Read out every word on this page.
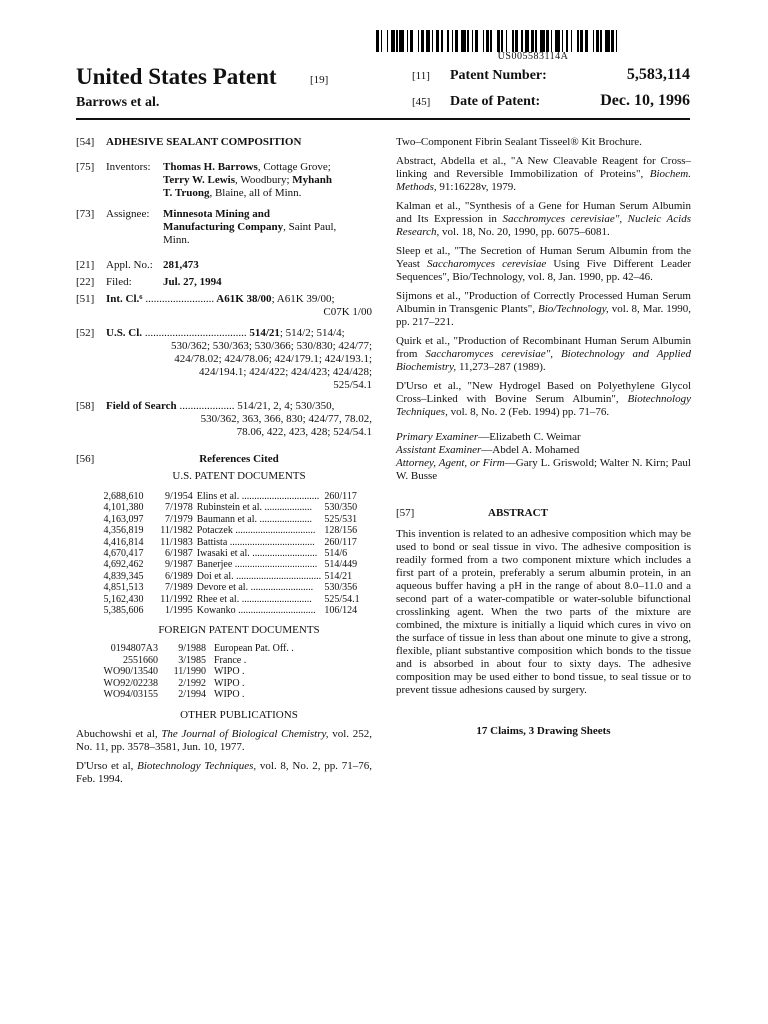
US005583114A
United States Patent	[19]
Barrows et al.
[11] Patent Number:	5,583,114
[45] Date of Patent:	Dec. 10, 1996
[54]	ADHESIVE SEALANT COMPOSITION
[75]	Inventors:	Thomas H. Barrows, Cottage Grove;
Terry W. Lewis, Woodbury; Myhanh
T. Truong, Blaine, all of Minn.
[73]	Assignee:	Minnesota Mining and
Manufacturing Company, Saint Paul,
Minn.
[21]	Appl. No.: 281,473
[22]	Filed:	Jul. 27, 1994
[51]	Int. Cl.⁶ ......................... A61K 38/00; A61K 39/00;
C07K 1/00
[52]	U.S. Cl. ..................................... 514/21; 514/2; 514/4;
530/362; 530/363; 530/366; 530/830; 424/77;
424/78.02; 424/78.06; 424/179.1; 424/193.1;
424/194.1; 424/422; 424/423; 424/428;
525/54.1
[58]	Field of Search .................... 514/21, 2, 4; 530/350,
530/362, 363, 366, 830; 424/77, 78.02,
78.06, 422, 423, 428; 524/54.1
[56]	References Cited
U.S. PATENT DOCUMENTS
2,688,610	9/1954	Elins et al. ...............................	260/117
4,101,380	7/1978	Rubinstein et al. ...................	530/350
4,163,097	7/1979	Baumann et al. .....................	525/531
4,356,819	11/1982	Potaczek ................................	128/156
4,416,814	11/1983	Battista ..................................	260/117
4,670,417	6/1987	Iwasaki et al. ..........................	514/6
4,692,462	9/1987	Banerjee .................................	514/449
4,839,345	6/1989	Doi et al. ..................................	514/21
4,851,513	7/1989	Devore et al. .........................	530/356
5,162,430	11/1992	Rhee et al. ............................	525/54.1
5,385,606	1/1995	Kowanko ...............................	106/124
FOREIGN PATENT DOCUMENTS
0194807A3	9/1988	European Pat. Off. .
2551660	3/1985	France .
WO90/13540	11/1990	WIPO .
WO92/02238	2/1992	WIPO .
WO94/03155	2/1994	WIPO .
OTHER PUBLICATIONS
Abuchowshi et al, The Journal of Biological Chemistry, vol. 252, No. 11, pp. 3578–3581, Jun. 10, 1977.
D'Urso et al, Biotechnology Techniques, vol. 8, No. 2, pp. 71–76, Feb. 1994.
Two–Component Fibrin Sealant Tisseel® Kit Brochure.
Abstract, Abdella et al., "A New Cleavable Reagent for Cross–linking and Reversible Immobilization of Proteins", Biochem. Methods, 91:16228v, 1979.
Kalman et al., "Synthesis of a Gene for Human Serum Albumin and Its Expression in Sacchromyces cerevisiae", Nucleic Acids Research, vol. 18, No. 20, 1990, pp. 6075–6081.
Sleep et al., "The Secretion of Human Serum Albumin from the Yeast Saccharomyces cerevisiae Using Five Different Leader Sequences", Bio/Technology, vol. 8, Jan. 1990, pp. 42–46.
Sijmons et al., "Production of Correctly Processed Human Serum Albumin in Transgenic Plants", Bio/Technology, vol. 8, Mar. 1990, pp. 217–221.
Quirk et al., "Production of Recombinant Human Serum Albumin from Saccharomyces cerevisiae", Biotechnology and Applied Biochemistry, 11,273–287 (1989).
D'Urso et al., "New Hydrogel Based on Polyethylene Glycol Cross–Linked with Bovine Serum Albumin", Biotechnology Techniques, vol. 8, No. 2 (Feb. 1994) pp. 71–76.
Primary Examiner—Elizabeth C. Weimar
Assistant Examiner—Abdel A. Mohamed
Attorney, Agent, or Firm—Gary L. Griswold; Walter N. Kirn; Paul W. Busse
[57]	ABSTRACT
This invention is related to an adhesive composition which may be used to bond or seal tissue in vivo. The adhesive composition is readily formed from a two component mixture which includes a first part of a protein, preferably a serum albumin protein, in an aqueous buffer having a pH in the range of about 8.0–11.0 and a second part of a water-compatible or water-soluble bifunctional crosslinking agent. When the two parts of the mixture are combined, the mixture is initially a liquid which cures in vivo on the surface of tissue in less than about one minute to give a strong, flexible, pliant substantive composition which bonds to the tissue and is absorbed in about four to sixty days. The adhesive composition may be used either to bond tissue, to seal tissue or to prevent tissue adhesions caused by surgery.
17 Claims, 3 Drawing Sheets
